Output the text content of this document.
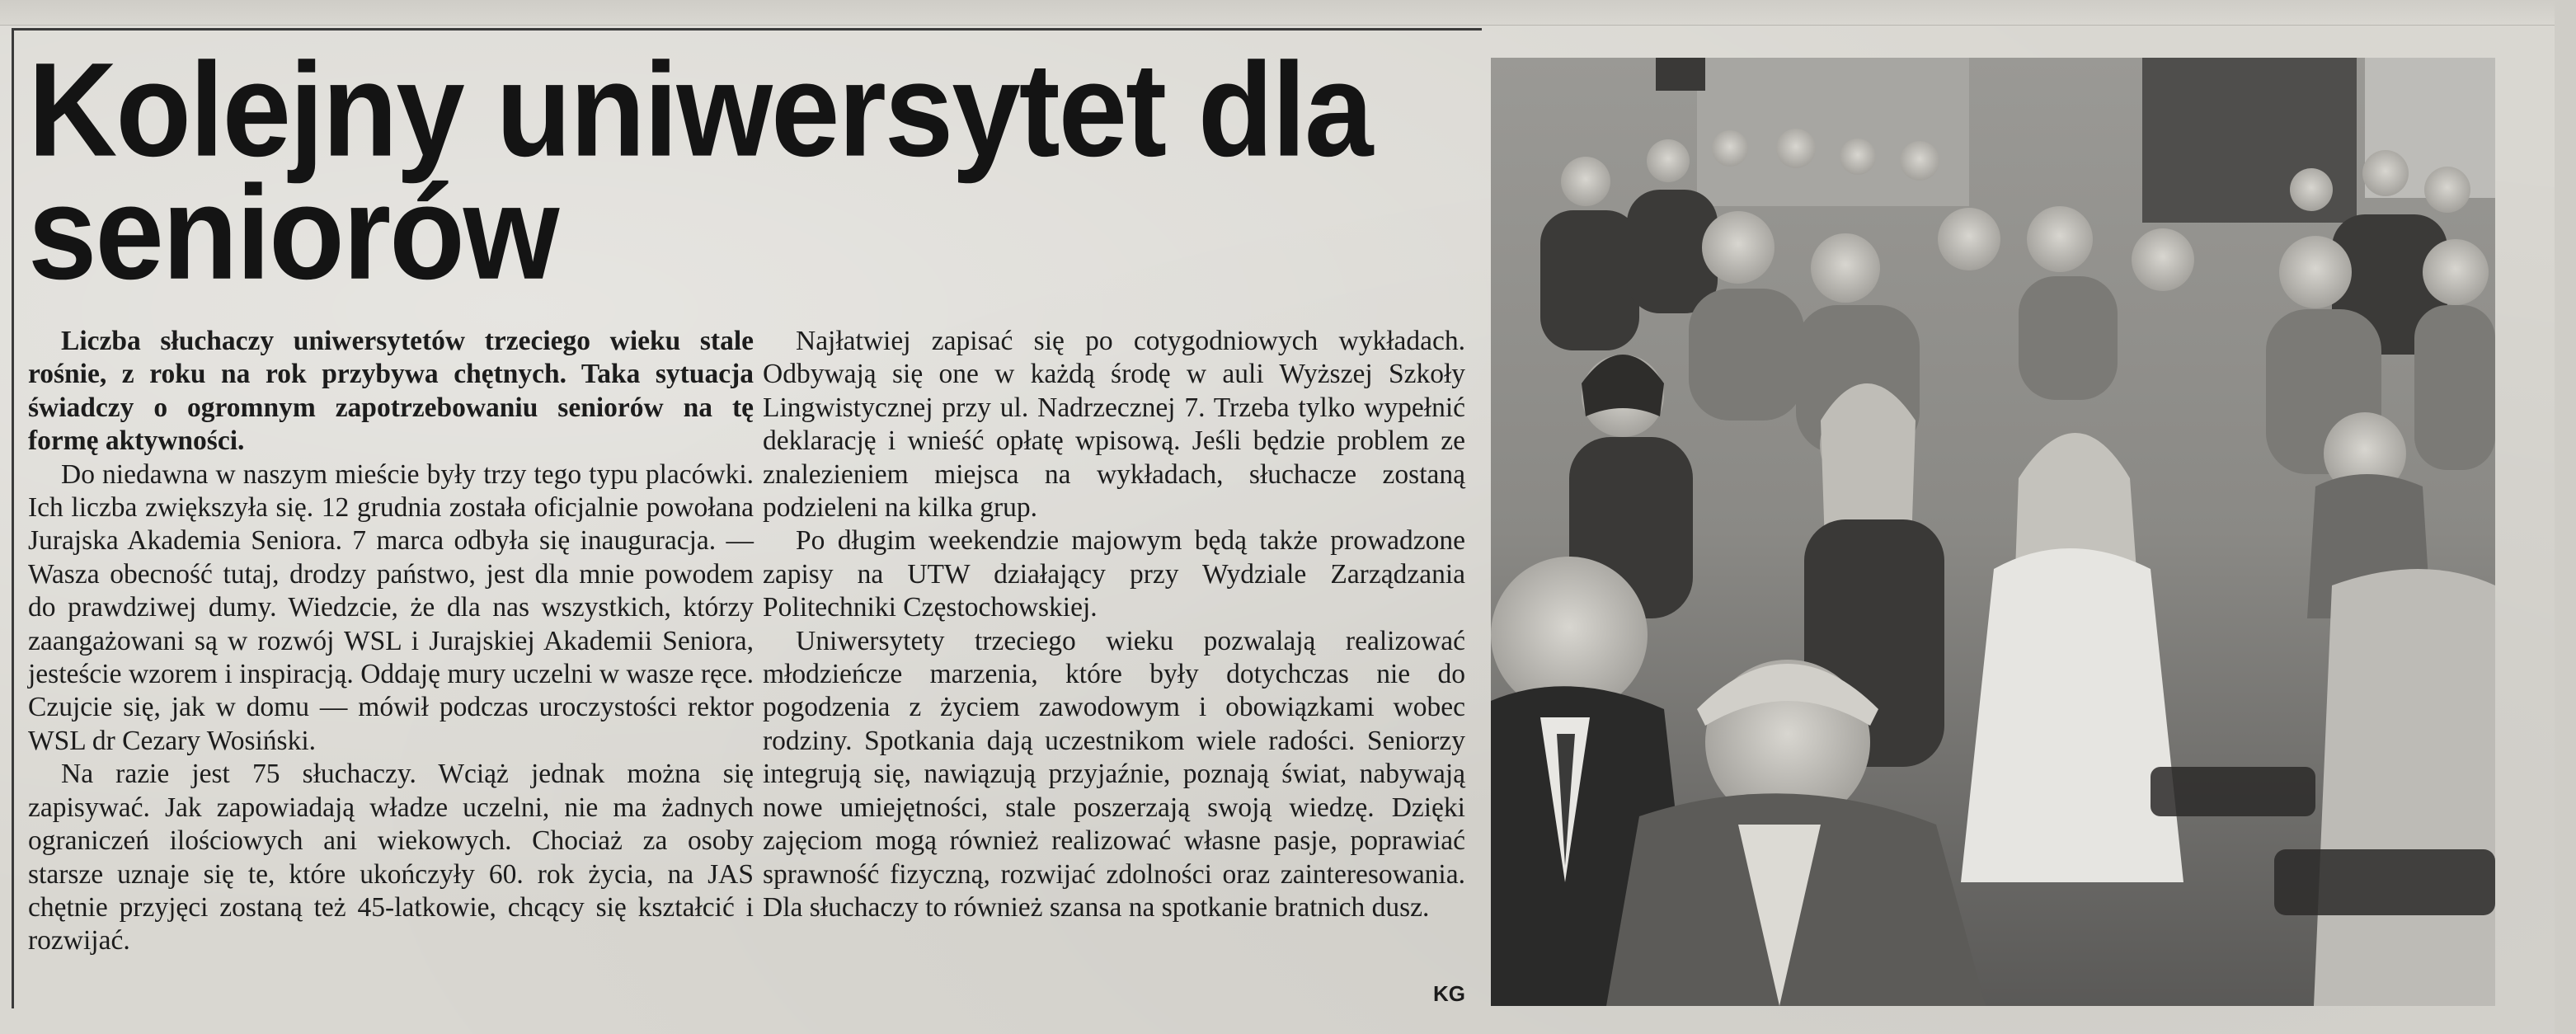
Kolejny uniwersytet dla seniorów

Liczba słuchaczy uniwersytetów trzeciego wieku stale rośnie, z roku na rok przybywa chętnych. Taka sytuacja świadczy o ogromnym zapotrzebowaniu seniorów na tę formę aktywności.

Do niedawna w naszym mieście były trzy tego typu placówki. Ich liczba zwiększyła się. 12 grudnia została oficjalnie powołana Jurajska Akademia Seniora. 7 marca odbyła się inauguracja. — Wasza obecność tutaj, drodzy państwo, jest dla mnie powodem do prawdziwej dumy. Wiedzcie, że dla nas wszystkich, którzy zaangażowani są w rozwój WSL i Jurajskiej Akademii Seniora, jesteście wzorem i inspiracją. Oddaję mury uczelni w wasze ręce. Czujcie się, jak w domu — mówił podczas uroczystości rektor WSL dr Cezary Wosiński.

Na razie jest 75 słuchaczy. Wciąż jednak można się zapisywać. Jak zapowiadają władze uczelni, nie ma żadnych ograniczeń ilościowych ani wiekowych. Chociaż za osoby starsze uznaje się te, które ukończyły 60. rok życia, na JAS chętnie przyjęci zostaną też 45-latkowie, chcący się kształcić i rozwijać.

Najłatwiej zapisać się po cotygodniowych wykładach. Odbywają się one w każdą środę w auli Wyższej Szkoły Lingwistycznej przy ul. Nadrzecznej 7. Trzeba tylko wypełnić deklarację i wnieść opłatę wpisową. Jeśli będzie problem ze znalezieniem miejsca na wykładach, słuchacze zostaną podzieleni na kilka grup.

Po długim weekendzie majowym będą także prowadzone zapisy na UTW działający przy Wydziale Zarządzania Politechniki Częstochowskiej.

Uniwersytety trzeciego wieku pozwalają realizować młodzieńcze marzenia, które były dotychczas nie do pogodzenia z życiem zawodowym i obowiązkami wobec rodziny. Spotkania dają uczestnikom wiele radości. Seniorzy integrują się, nawiązują przyjaźnie, poznają świat, nabywają nowe umiejętności, stale poszerzają swoją wiedzę. Dzięki zajęciom mogą również realizować własne pasje, poprawiać sprawność fizyczną, rozwijać zdolności oraz zainteresowania. Dla słuchaczy to również szansa na spotkanie bratnich dusz.

KG
